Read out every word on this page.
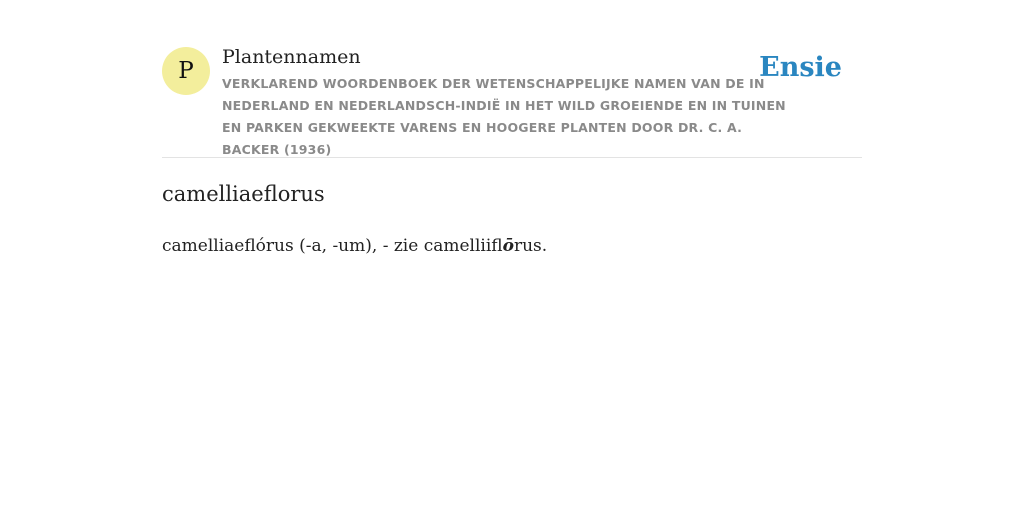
P
Plantennamen
VERKLAREND WOORDENBOEK DER WETENSCHAPPELIJKE NAMEN VAN DE IN NEDERLAND EN NEDERLANDSCH-INDIË IN HET WILD GROEIENDE EN IN TUINEN EN PARKEN GEKWEEKTE VARENS EN HOOGERE PLANTEN DOOR DR. C. A. BACKER (1936)
Ensie
camelliaeflorus

camelliaeflórus (-a, -um), - zie camelliiflōrus.
